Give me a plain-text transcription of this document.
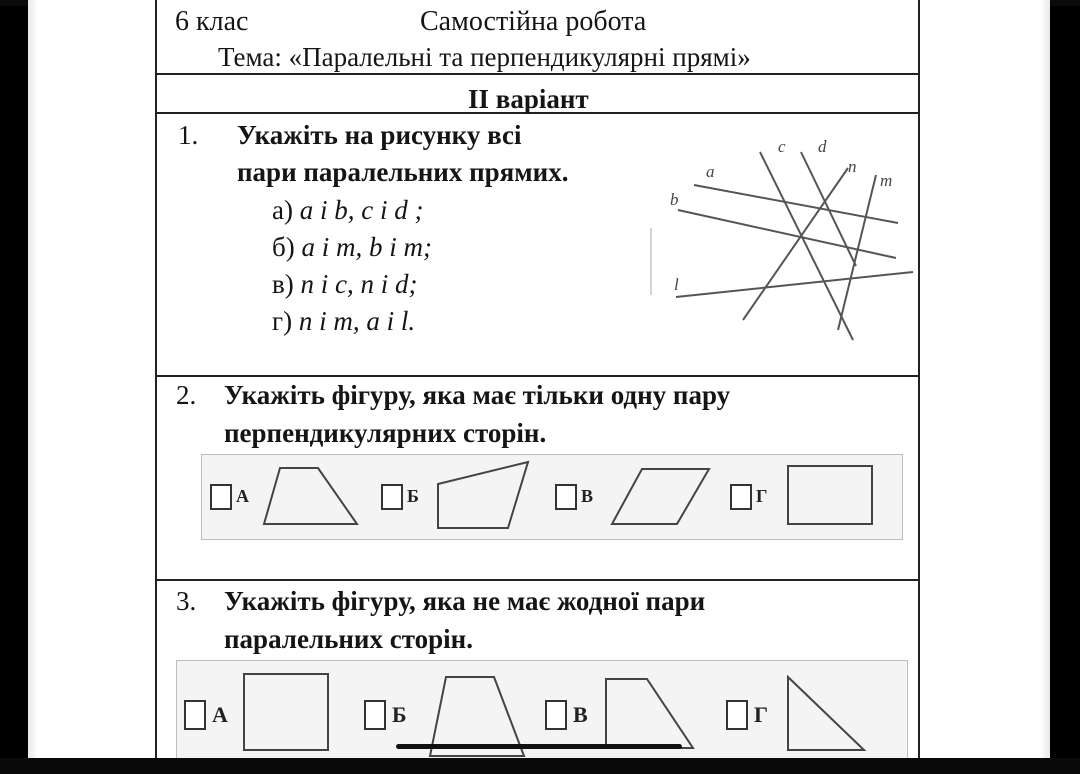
6 клас	Самостійна робота
Тема: «Паралельні та перпендикулярні прямі»
II варіант
1. Укажіть на рисунку всі
пари паралельних прямих.
а) a і b, c і d ;
б) a і m, b і m;
в) n і c, n і d;
г) n і m, a і l.
a
b
c d
n
m
l
2. Укажіть фігуру, яка має тільки одну пару
перпендикулярних сторін.
А	Б	В	Г
3. Укажіть фігуру, яка не має жодної пари
паралельних сторін.
А	Б	В	Г
